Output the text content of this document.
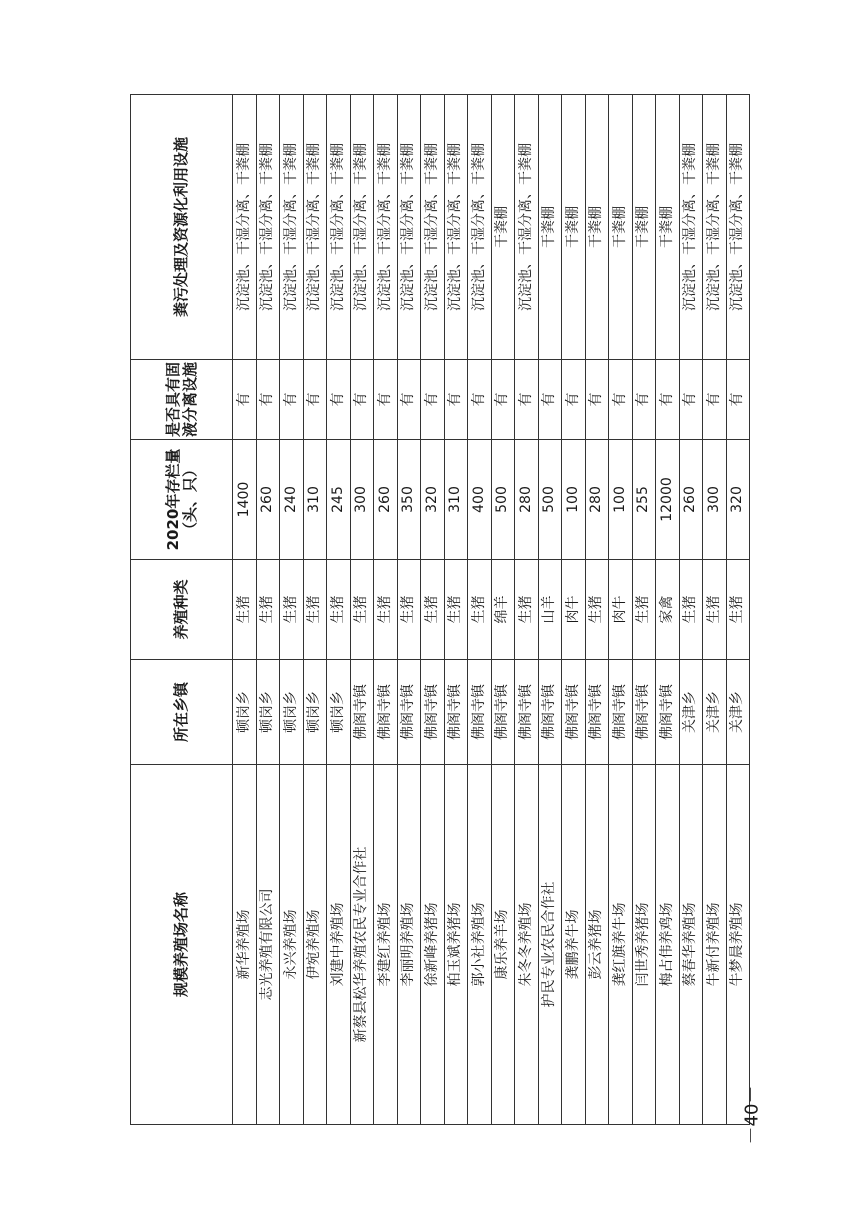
规模养殖场名称	所在乡镇	养殖种类	2020年存栏量（头、只）	是否具有固液分离设施	粪污处理及资源化利用设施
新华养殖场	顿岗乡	生猪	1400	有	沉淀池、干湿分离、干粪棚
志光养殖有限公司	顿岗乡	生猪	260	有	沉淀池、干湿分离、干粪棚
永兴养殖场	顿岗乡	生猪	240	有	沉淀池、干湿分离、干粪棚
伊宛养殖场	顿岗乡	生猪	310	有	沉淀池、干湿分离、干粪棚
刘建中养殖场	顿岗乡	生猪	245	有	沉淀池、干湿分离、干粪棚
新蔡县松华养殖农民专业合作社	佛阁寺镇	生猪	300	有	沉淀池、干湿分离、干粪棚
李建红养殖场	佛阁寺镇	生猪	260	有	沉淀池、干湿分离、干粪棚
李丽明养殖场	佛阁寺镇	生猪	350	有	沉淀池、干湿分离、干粪棚
徐新峰养猪场	佛阁寺镇	生猪	320	有	沉淀池、干湿分离、干粪棚
柏玉斌养猪场	佛阁寺镇	生猪	310	有	沉淀池、干湿分离、干粪棚
郭小社养殖场	佛阁寺镇	生猪	400	有	沉淀池、干湿分离、干粪棚
康乐养羊场	佛阁寺镇	绵羊	500	有	干粪棚
朱冬冬养殖场	佛阁寺镇	生猪	280	有	沉淀池、干湿分离、干粪棚
护民专业农民合作社	佛阁寺镇	山羊	500	有	干粪棚
龚鹏养牛场	佛阁寺镇	肉牛	100	有	干粪棚
彭云养猪场	佛阁寺镇	生猪	280	有	干粪棚
龚红旗养牛场	佛阁寺镇	肉牛	100	有	干粪棚
闫世秀养猪场	佛阁寺镇	生猪	255	有	干粪棚
梅占伟养鸡场	佛阁寺镇	家禽	12000	有	干粪棚
蔡春华养殖场	关津乡	生猪	260	有	沉淀池、干湿分离、干粪棚
牛新付养殖场	关津乡	生猪	300	有	沉淀池、干湿分离、干粪棚
牛梦晨养殖场	关津乡	生猪	320	有	沉淀池、干湿分离、干粪棚
－40－
